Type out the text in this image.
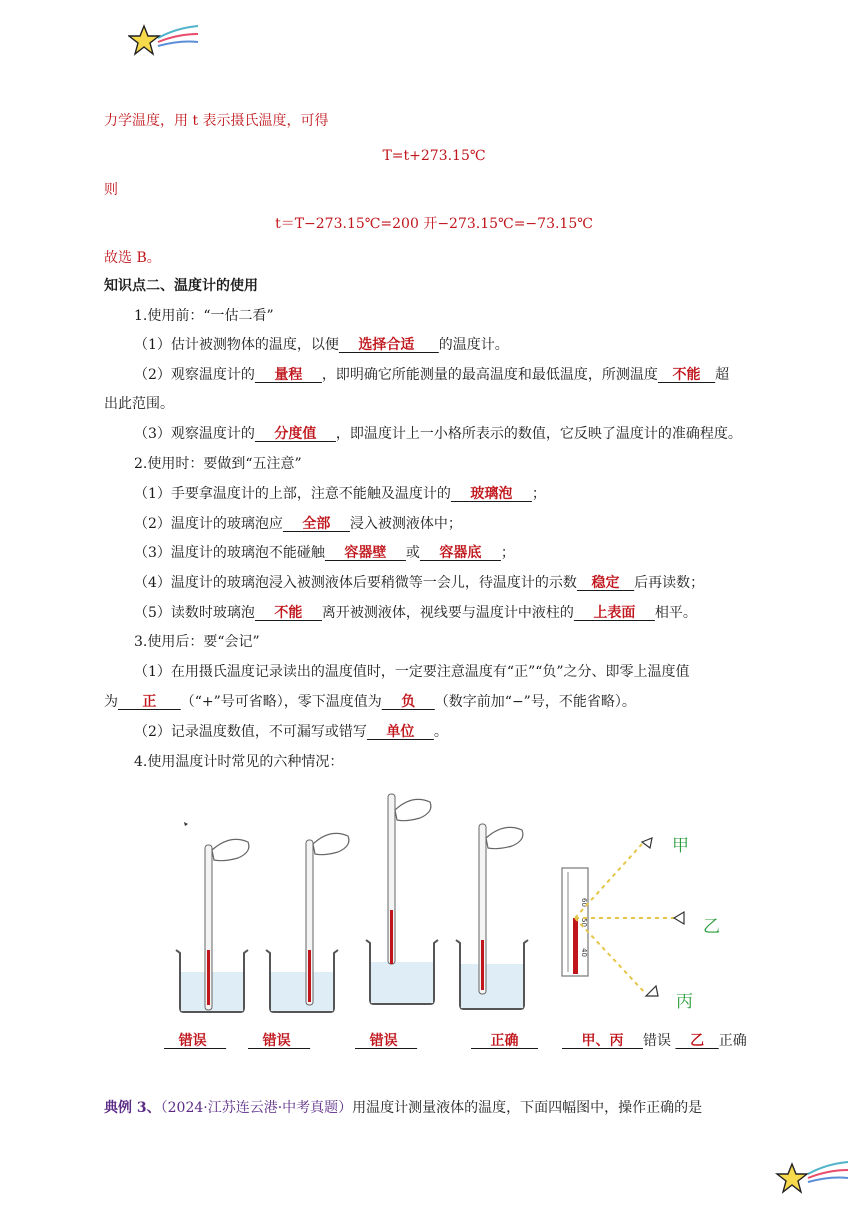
力学温度，用 t 表示摄氏温度，可得
T=t+273.15℃
则
t＝T−273.15℃=200 开−273.15℃=−73.15℃
故选 B。
知识点二、温度计的使用
1.使用前：“一估二看”
（1）估计被测物体的温度，以便    选择合适     的温度计。
（2）观察温度计的    量程    ，即明确它所能测量的最高温度和最低温度，所测温度   不能   超
出此范围。
（3）观察温度计的    分度值    ，即温度计上一小格所表示的数值，它反映了温度计的准确程度。
2.使用时：要做到“五注意”
（1）手要拿温度计的上部，注意不能触及温度计的    玻璃泡    ；
（2）温度计的玻璃泡应    全部    浸入被测液体中；
（3）温度计的玻璃泡不能碰触    容器壁    或    容器底    ；
（4）温度计的玻璃泡浸入被测液体后要稍微等一会儿，待温度计的示数   稳定   后再读数；
（5）读数时玻璃泡    不能    离开被测液体，视线要与温度计中液柱的    上表面    相平。
3.使用后：要“会记”
（1）在用摄氏温度记录读出的温度值时，一定要注意温度有“正”“负”之分、即零上温度值
为     正     （“+”号可省略），零下温度值为    负    （数字前加“−”号，不能省略）。
（2）记录温度数值，不可漏写或错写    单位    。
4.使用温度计时常见的六种情况：
60
50
40
甲
乙
丙
错误 错误	错误	正确 甲、丙    错误    乙   正确
典例 3、（2024·江苏连云港·中考真题）用温度计测量液体的温度，下面四幅图中，操作正确的是
